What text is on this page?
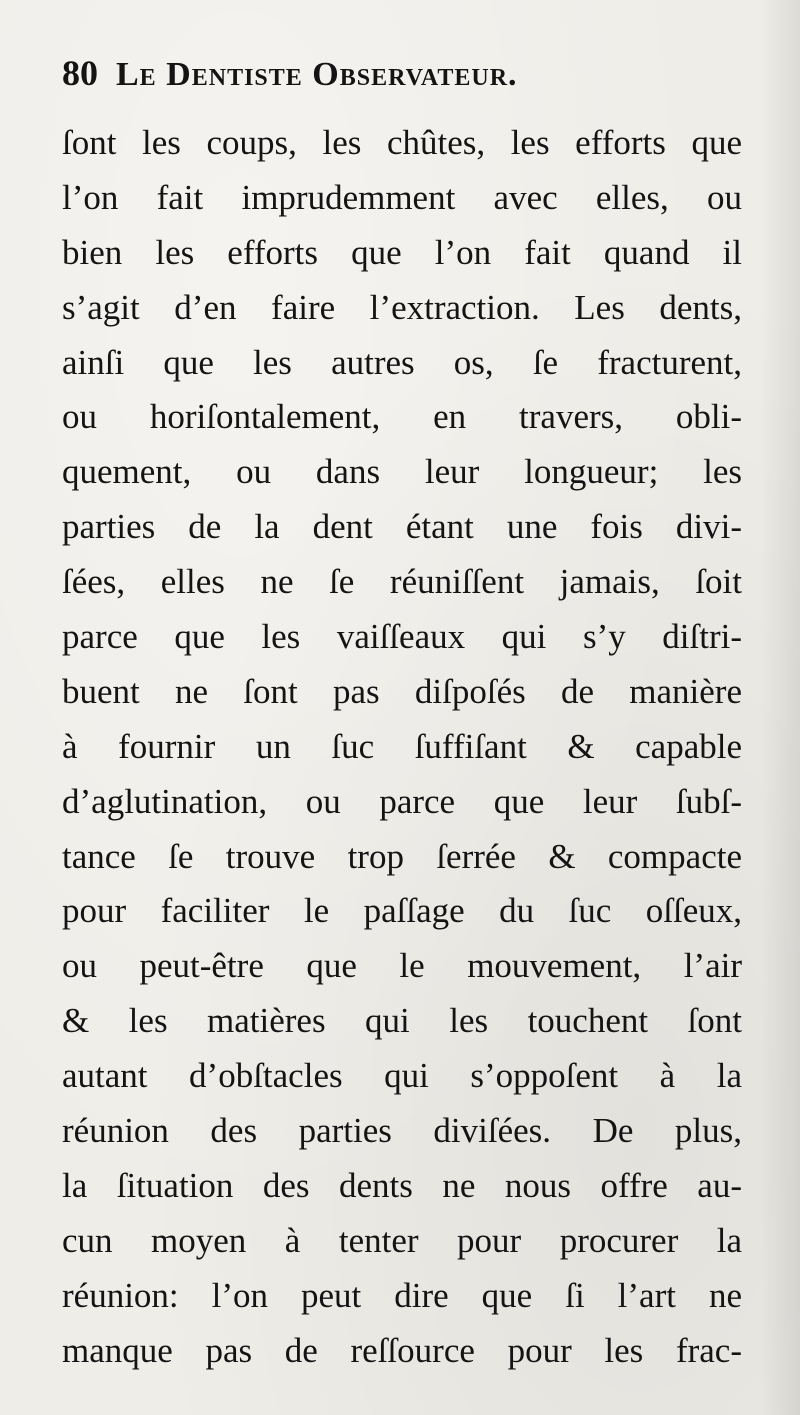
80 Le Dentiste Observateur.
ſont les coups, les chûtes, les efforts que
l’on fait imprudemment avec elles, ou
bien les efforts que l’on fait quand il
s’agit d’en faire l’extraction. Les dents,
ainſi que les autres os, ſe fracturent,
ou horiſontalement, en travers, obli-
quement, ou dans leur longueur; les
parties de la dent étant une fois divi-
ſées, elles ne ſe réuniſſent jamais, ſoit
parce que les vaiſſeaux qui s’y diſtri-
buent ne ſont pas diſpoſés de manière
à fournir un ſuc ſuffiſant & capable
d’aglutination, ou parce que leur ſubſ-
tance ſe trouve trop ſerrée & compacte
pour faciliter le paſſage du ſuc oſſeux,
ou peut-être que le mouvement, l’air
& les matières qui les touchent ſont
autant d’obſtacles qui s’oppoſent à la
réunion des parties diviſées. De plus,
la ſituation des dents ne nous offre au-
cun moyen à tenter pour procurer la
réunion: l’on peut dire que ſi l’art ne
manque pas de reſſource pour les frac-
